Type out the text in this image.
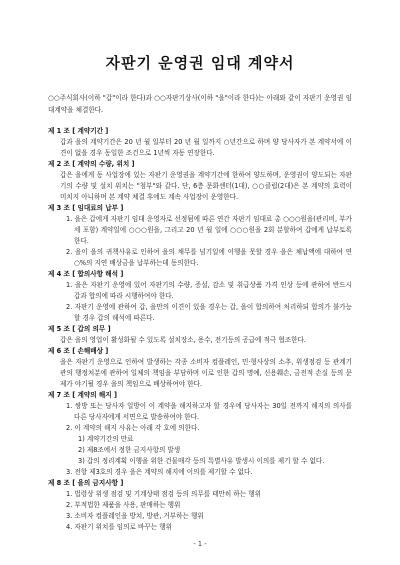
자판기 운영권 임대 계약서
○○주식회사(이하 "갑"이라 한다)과 ○○자판기상사(이하 "을"이라 한다)는 아래와 같이 자판기 운영권 임대계약을 체결한다.

제 1 조 [ 계약기간 ]

갑과 을의 계약기간은 20 년 월 일부터 20 년 월 일까지 ○년간으로 하며 양 당사자가 본 계약서에 이견이 없을 경우 동일한 조건으로 1년씩 자동 연장한다.

제 2 조 [ 계약의 수량, 위치 ]

갑은 을에게 동 사업장에 있는 자판기 운영권을 계약기간에 한하여 양도하며, 운영권이 양도되는 자판기의 수량 및 설치 위치는 "첨부"와 같다. 단, 6층 문화센터(1대), ○○클럽(2대)은 본 계약의 효력이 미치지 아니하며 본 계약 체결 후에도 계속 사업장이 운영한다.

제 3 조 [ 임대료의 납부 ]

1. 을은 갑에게 자판기 임대 운영자로 선정됨에 따른 연간 자판기 임대료 총 ○○○원을(관리비, 부가세 포함) 계약일에 ○○○원을, 그리고 20 년 월 일에 ○○○원을 2회 분할하여 갑에게 납부토록 한다.

2. 을이 을의 귀책사유로 인하여 을의 채무를 넘기일에 이행을 못할 경우 을은 체납액에 대하여 연 ○%의 지연 배상금을 납부하는데 동의한다.

제 4 조 [ 합의사항 해석 ]

1. 을은 자판기 운영에 있어 자판기의 수량, 증설, 감소 및 취급상품 가격 인상 등에 관하여 반드시 갑과 합의에 따라 시행하여야 한다.

2. 자판기 운영에 관하여 갑, 을만의 이견이 있을 경우는 갑, 을이 합의하여 처리하되 합의가 불가능할 경우 갑의 해석에 따른다.

제 5 조 [ 갑의 의무 ]

갑은 을의 영업이 활성화될 수 있도록 설치장소, 용수, 전기등의 공급에 적극 협조한다.

제 6 조 [ 손해배상 ]

을은 자판기 운영으로 인하여 발생하는 각종 소비자 컴플레인, 민·형사상의 소추, 위생점검 등 관계기관의 행정처분에 관하여 일체의 책임을 부담하며 이로 인한 갑의 명예, 신용훼손, 금전적 손실 등의 문제가 야기될 경우 을의 책임으로 배상하여야 한다.

제 7 조 [ 계약의 해지 ]

1. 쌍방 또는 당사자 일방이 이 계약을 해지하고자 할 경우에 당사자는 30일 전까지 해지의 의사를 다른 당사자에게 서면으로 발송하여야 한다.

2. 이 계약의 해지 사유는 아래 각 호에 의한다.

1) 계약기간의 만료

2) 제8조에서 정한 금지사항의 발생

3) 갑의 정리계획 이행을 위한 건물매각 등의 특별사유 발생시 이의를 제기 할 수 없다.

3. 전항 제3호의 경우 을은 계약의 해지에 이의를 제기할 수 없다.

제 8 조 [ 을의 금지사항 ]

1. 법령상 위생 점검 및 기계상태 점검 등의 의무를 태만히 하는 행위

2. 부적법한 제품을 사용, 판매하는 행위

3. 소비자 컴플레인을 방치, 방관, 거부하는 행위

4. 자판기 위치를 임의로 바꾸는 행위

- 1 -
